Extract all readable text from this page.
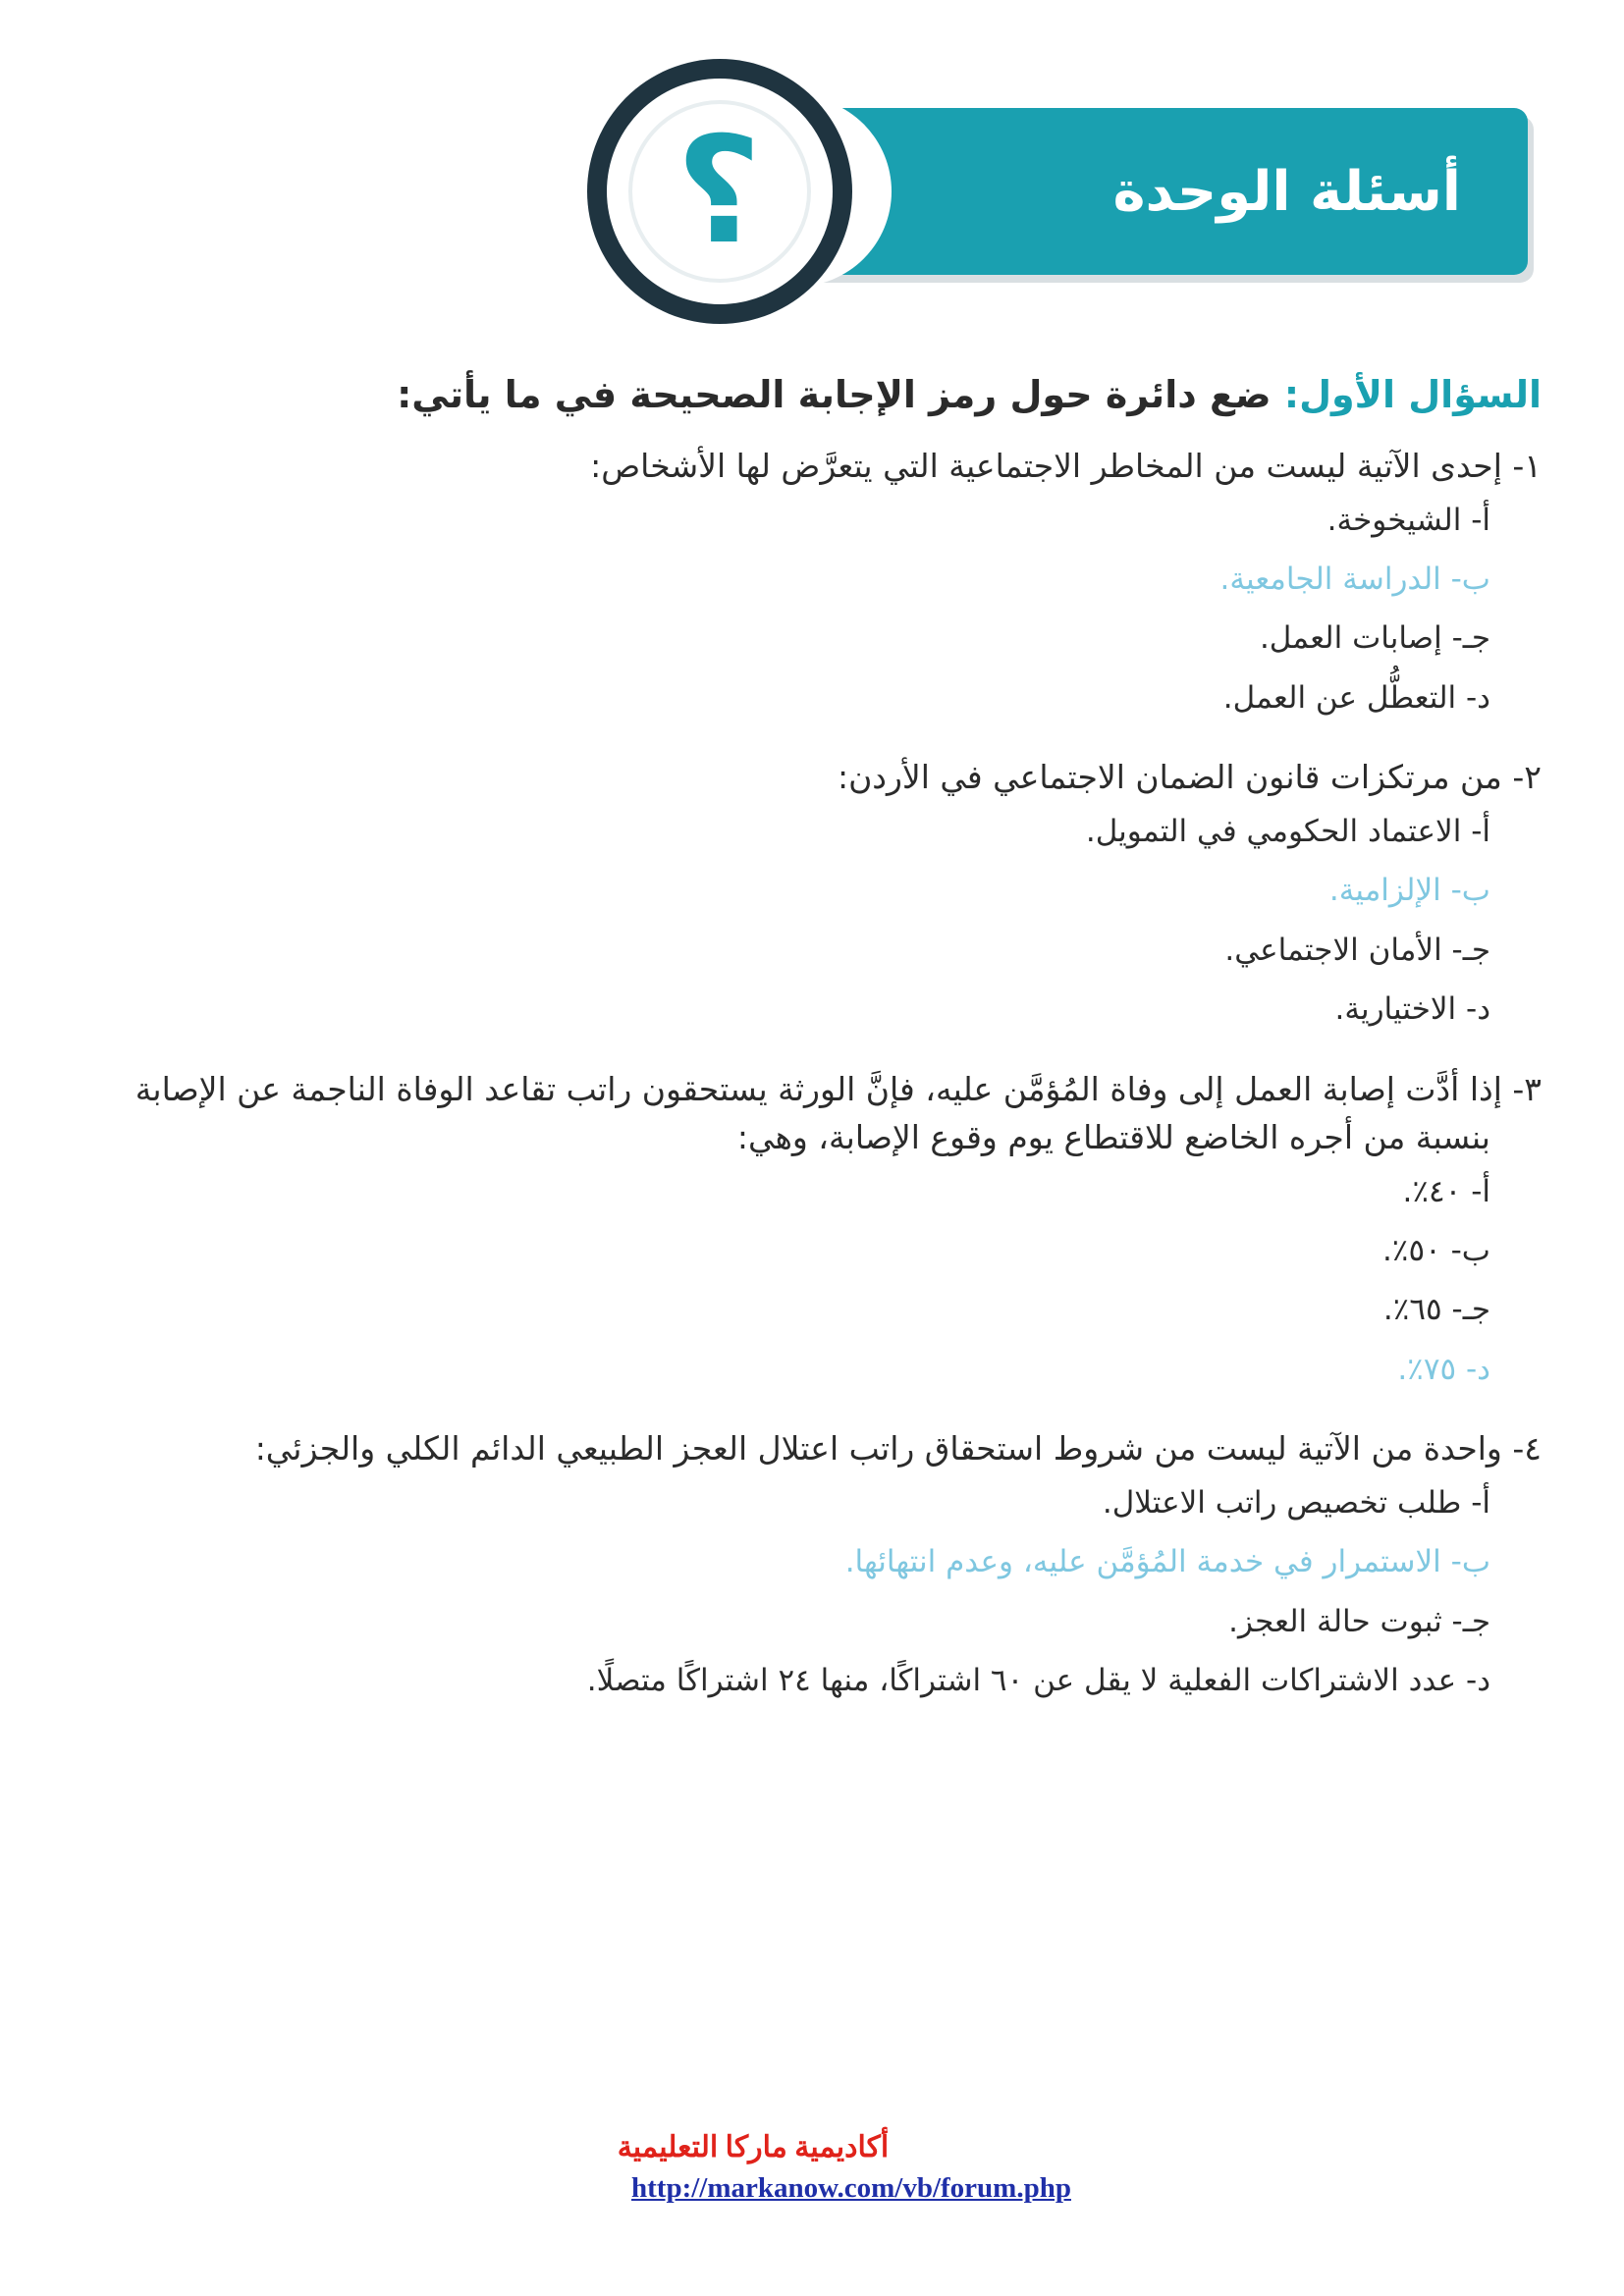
أسئلة الوحدة
?

السؤال الأول: ضع دائرة حول رمز الإجابة الصحيحة في ما يأتي:

١- إحدى الآتية ليست من المخاطر الاجتماعية التي يتعرَّض لها الأشخاص:

أ- الشيخوخة.

ب- الدراسة الجامعية.

جـ- إصابات العمل.

د- التعطُّل عن العمل.

٢- من مرتكزات قانون الضمان الاجتماعي في الأردن:

أ- الاعتماد الحكومي في التمويل.

ب- الإلزامية.

جـ- الأمان الاجتماعي.

د- الاختيارية.

٣- إذا أدَّت إصابة العمل إلى وفاة المُؤمَّن عليه، فإنَّ الورثة يستحقون راتب تقاعد الوفاة الناجمة عن الإصابة

بنسبة من أجره الخاضع للاقتطاع يوم وقوع الإصابة، وهي:

أ- ٤٠٪.

ب- ٥٠٪.

جـ- ٦٥٪.

د- ٧٥٪.

٤- واحدة من الآتية ليست من شروط استحقاق راتب اعتلال العجز الطبيعي الدائم الكلي والجزئي:

أ- طلب تخصيص راتب الاعتلال.

ب- الاستمرار في خدمة المُؤمَّن عليه، وعدم انتهائها.

جـ- ثبوت حالة العجز.

د- عدد الاشتراكات الفعلية لا يقل عن ٦٠ اشتراكًا، منها ٢٤ اشتراكًا متصلًا.

أكاديمية ماركا التعليمية

http://markanow.com/vb/forum.php
